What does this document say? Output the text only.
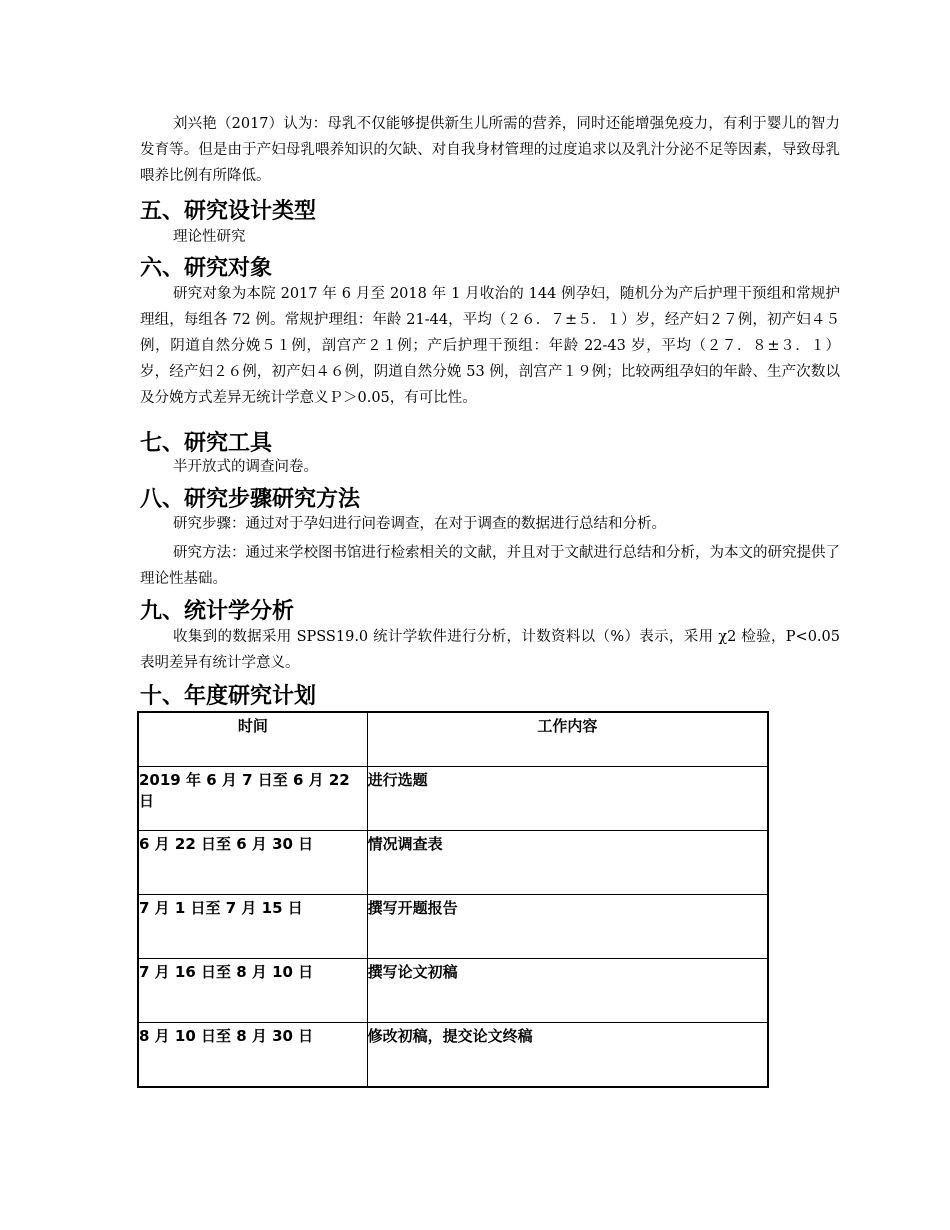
刘兴艳（2017）认为：母乳不仅能够提供新生儿所需的营养，同时还能增强免疫力，有利于婴儿的智力发育等。但是由于产妇母乳喂养知识的欠缺、对自我身材管理的过度追求以及乳汁分泌不足等因素，导致母乳喂养比例有所降低。

五、研究设计类型

理论性研究

六、研究对象

研究对象为本院 2017 年 6 月至 2018 年 1 月收治的 144 例孕妇，随机分为产后护理干预组和常规护理组，每组各 72 例。常规护理组：年龄 21-44，平均（２６．７±５．１）岁，经产妇２７例，初产妇４５例，阴道自然分娩５１例，剖宫产２１例；产后护理干预组：年龄 22-43 岁，平均（２７．８±３．１）岁，经产妇２６例，初产妇４６例，阴道自然分娩 53 例，剖宫产１９例；比较两组孕妇的年龄、生产次数以及分娩方式差异无统计学意义Ｐ＞0.05，有可比性。

七、研究工具

半开放式的调查问卷。

八、研究步骤研究方法

研究步骤：通过对于孕妇进行问卷调查，在对于调查的数据进行总结和分析。

研究方法：通过来学校图书馆进行检索相关的文献，并且对于文献进行总结和分析，为本文的研究提供了理论性基础。

九、统计学分析

收集到的数据采用 SPSS19.0 统计学软件进行分析，计数资料以（%）表示，采用 χ2 检验，P<0.05 表明差异有统计学意义。

十、年度研究计划
时间	工作内容
2019 年 6 月 7 日至 6 月 22 日	进行选题
6 月 22 日至 6 月 30 日	情况调查表
7 月 1 日至 7 月 15 日	撰写开题报告
7 月 16 日至 8 月 10 日	撰写论文初稿
8 月 10 日至 8 月 30 日	修改初稿，提交论文终稿
